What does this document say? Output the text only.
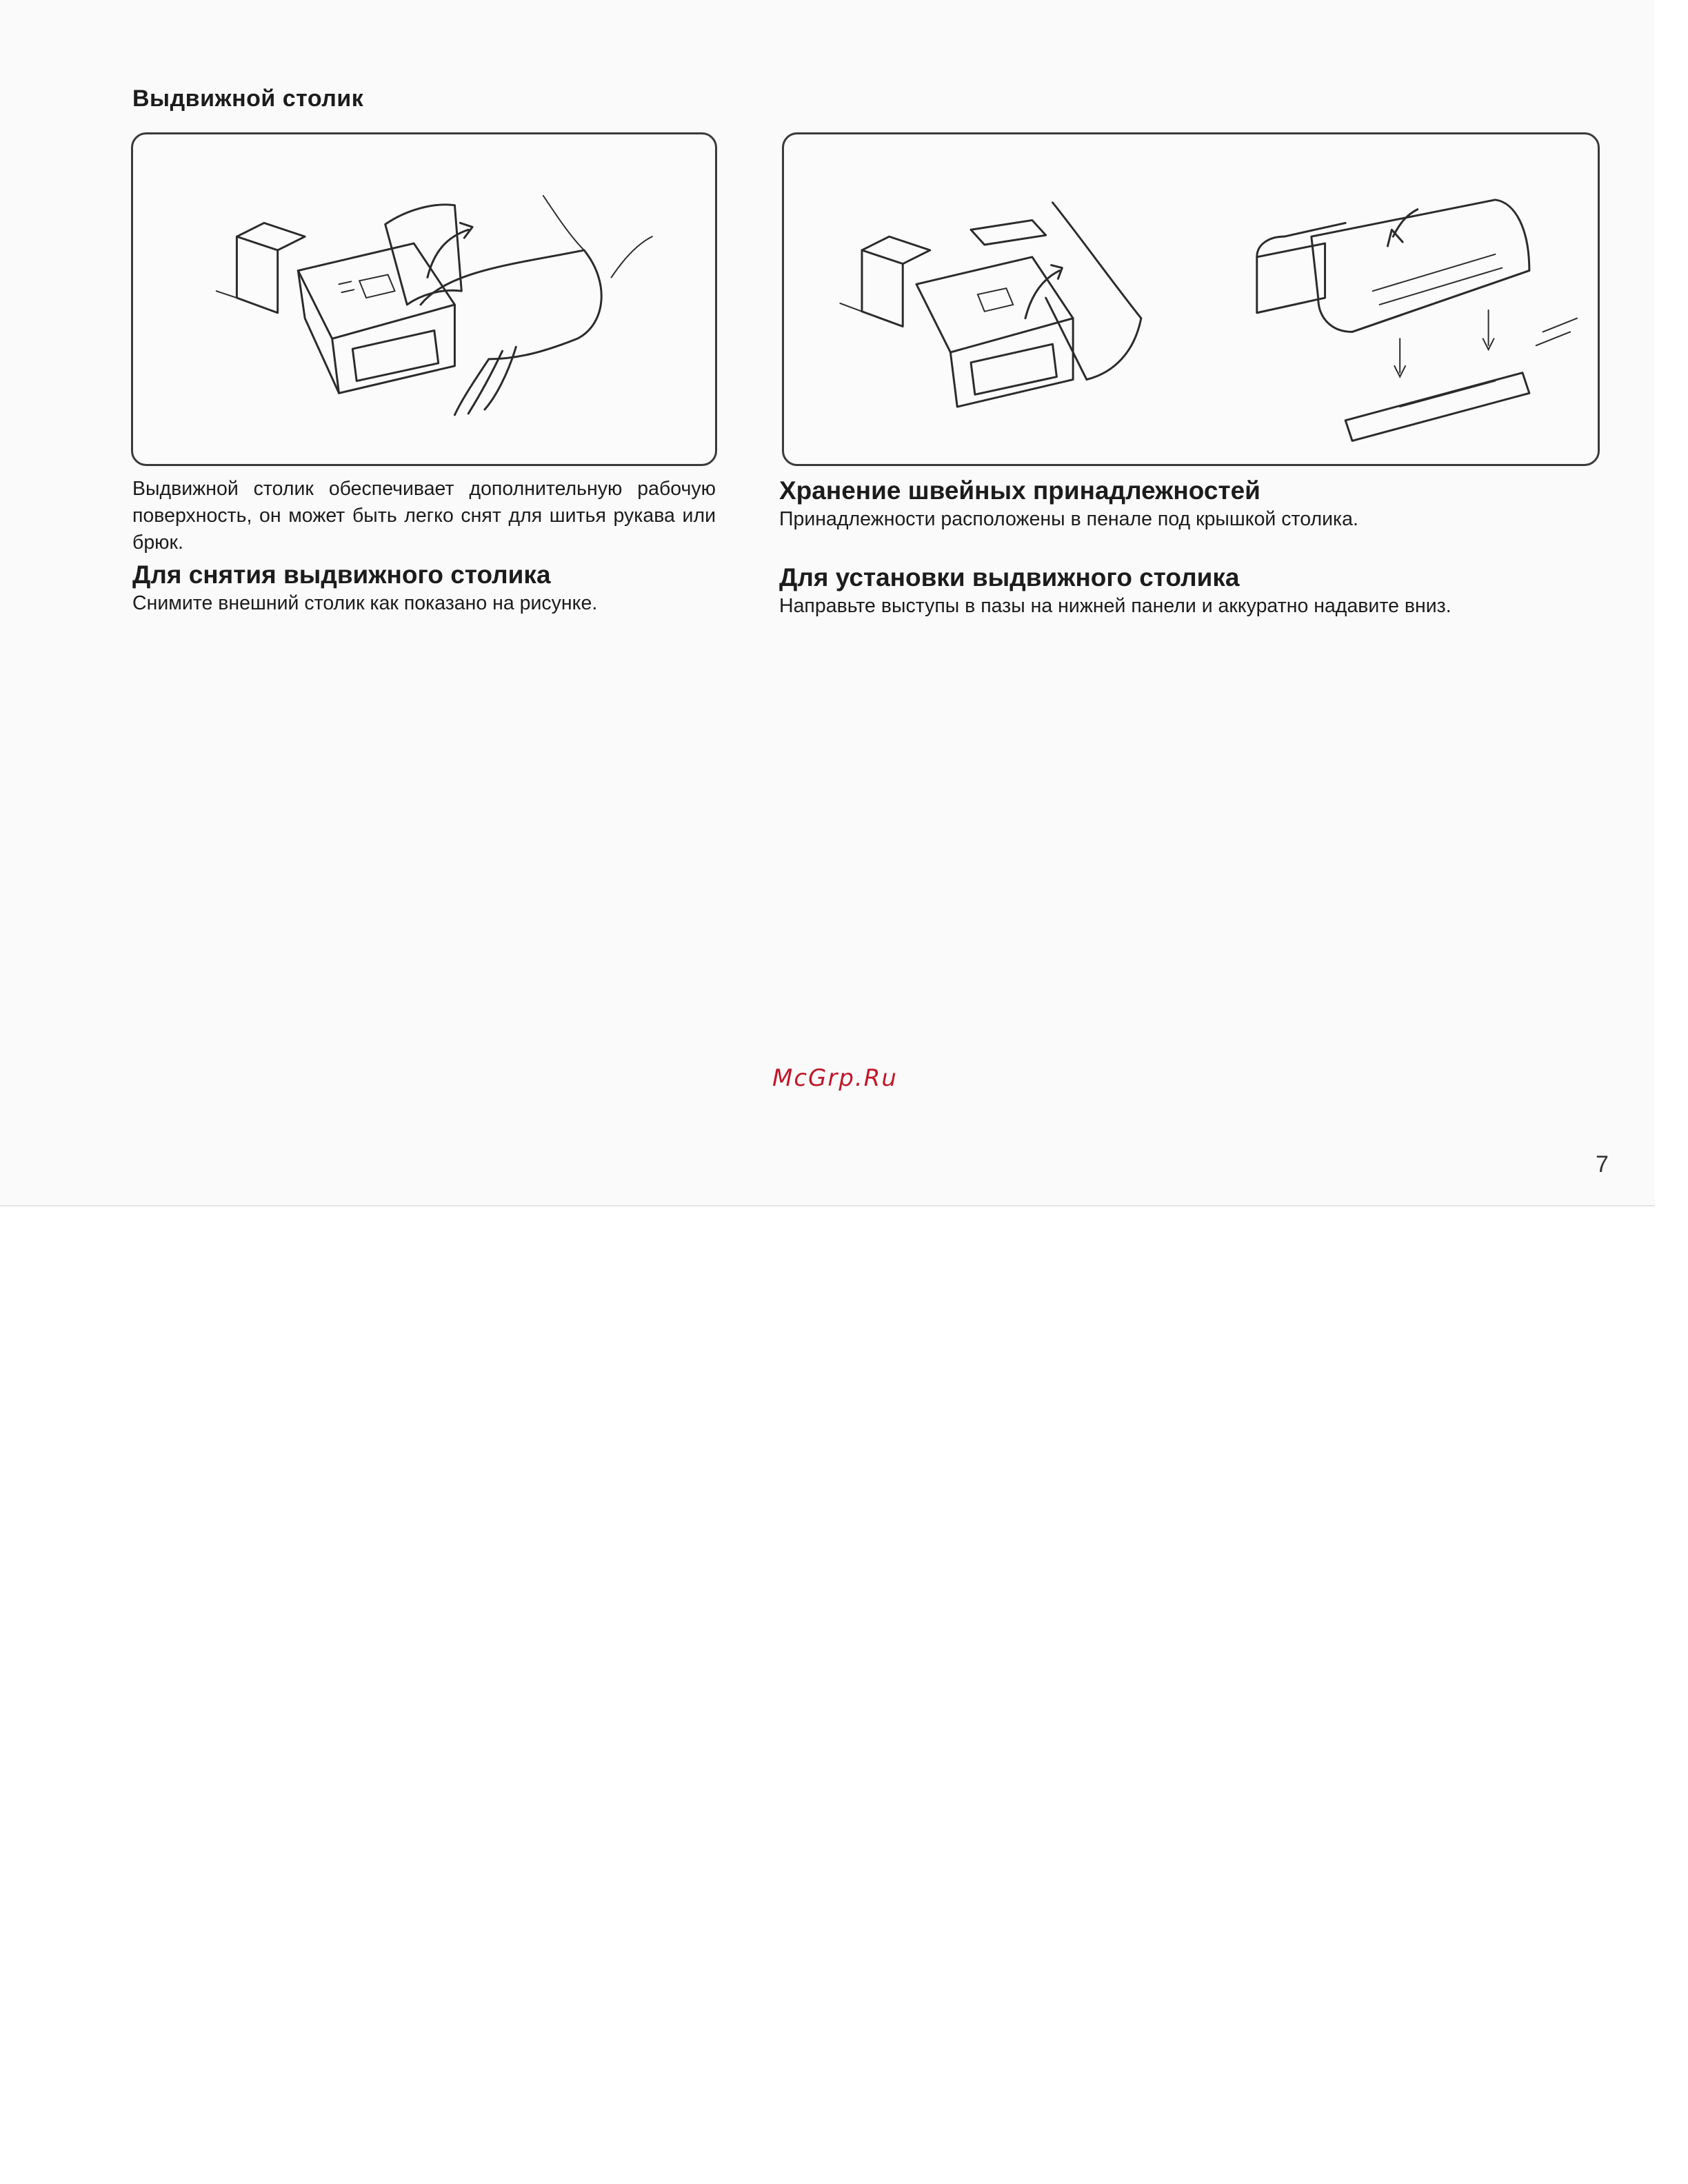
Выдвижной столик

Выдвижной столик обеспечивает дополнительную рабочую поверхность, он может быть легко снят для шитья рукава или брюк.

Для снятия выдвижного столика

Снимите внешний столик как показано на рисунке.

Хранение швейных принадлежностей

Принадлежности расположены в пенале под крышкой столика.

Для установки выдвижного столика

Направьте выступы в пазы на нижней панели и аккуратно надавите вниз.

McGrp.Ru
7
